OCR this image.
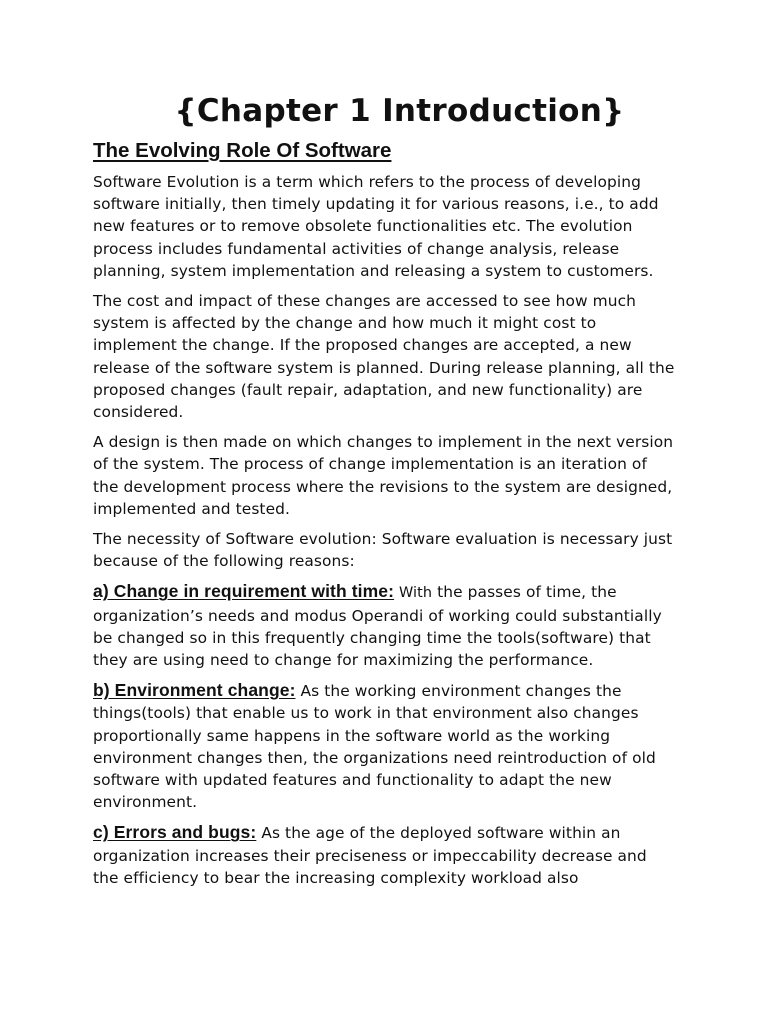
{Chapter 1 Introduction}
The Evolving Role Of Software

Software Evolution is a term which refers to the process of developing software initially, then timely updating it for various reasons, i.e., to add new features or to remove obsolete functionalities etc. The evolution process includes fundamental activities of change analysis, release planning, system implementation and releasing a system to customers.

The cost and impact of these changes are accessed to see how much system is affected by the change and how much it might cost to implement the change. If the proposed changes are accepted, a new release of the software system is planned. During release planning, all the proposed changes (fault repair, adaptation, and new functionality) are considered.

A design is then made on which changes to implement in the next version of the system. The process of change implementation is an iteration of the development process where the revisions to the system are designed, implemented and tested.

The necessity of Software evolution: Software evaluation is necessary just because of the following reasons:

a) Change in requirement with time: With the passes of time, the organization’s needs and modus Operandi of working could substantially be changed so in this frequently changing time the tools(software) that they are using need to change for maximizing the performance.

b) Environment change: As the working environment changes the things(tools) that enable us to work in that environment also changes proportionally same happens in the software world as the working environment changes then, the organizations need reintroduction of old software with updated features and functionality to adapt the new environment.

c) Errors and bugs: As the age of the deployed software within an organization increases their preciseness or impeccability decrease and the efficiency to bear the increasing complexity workload also
